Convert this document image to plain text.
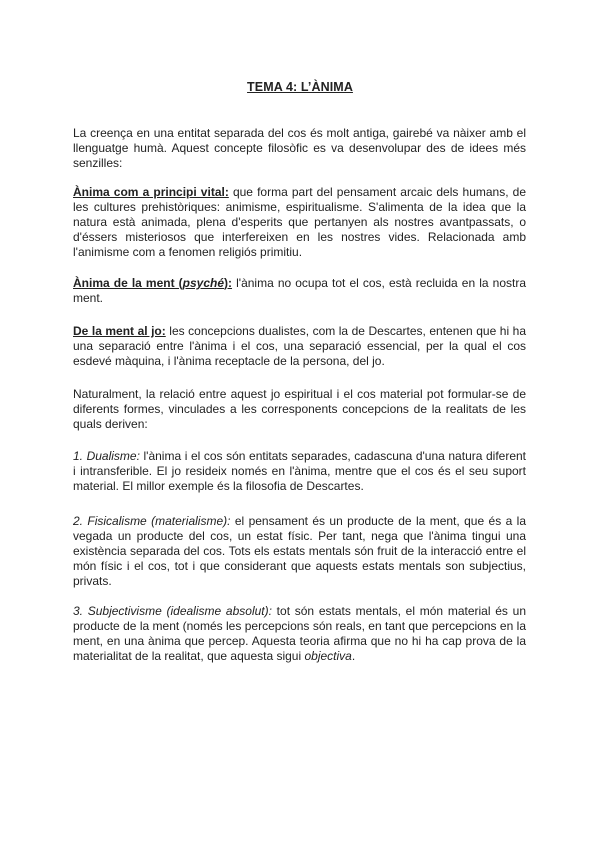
TEMA 4: L’ÀNIMA

La creença en una entitat separada del cos és molt antiga, gairebé va nàixer amb el llenguatge humà. Aquest concepte filosòfic es va desenvolupar des de idees més senzilles:

Ànima com a principi vital: que forma part del pensament arcaic dels humans, de les cultures prehistòriques: animisme, espiritualisme. S'alimenta de la idea que la natura està animada, plena d'esperits que pertanyen als nostres avantpassats, o d'éssers misteriosos que interfereixen en les nostres vides. Relacionada amb l'animisme com a fenomen religiós primitiu.

Ànima de la ment (psyché): l'ànima no ocupa tot el cos, està recluida en la nostra ment.

De la ment al jo: les concepcions dualistes, com la de Descartes, entenen que hi ha una separació entre l'ànima i el cos, una separació essencial, per la qual el cos esdevé màquina, i l'ànima receptacle de la persona, del jo.

Naturalment, la relació entre aquest jo espiritual i el cos material pot formular-se de diferents formes, vinculades a les corresponents concepcions de la realitats de les quals deriven:

1. Dualisme: l'ànima i el cos són entitats separades, cadascuna d'una natura diferent i intransferible. El jo resideix només en l'ànima, mentre que el cos és el seu suport material. El millor exemple és la filosofia de Descartes.

2. Fisicalisme (materialisme): el pensament és un producte de la ment, que és a la vegada un producte del cos, un estat físic. Per tant, nega que l'ànima tingui una existència separada del cos. Tots els estats mentals són fruit de la interacció entre el món físic i el cos, tot i que considerant que aquests estats mentals son subjectius, privats.

3. Subjectivisme (idealisme absolut): tot són estats mentals, el món material és un producte de la ment (només les percepcions són reals, en tant que percepcions en la ment, en una ànima que percep. Aquesta teoria afirma que no hi ha cap prova de la materialitat de la realitat, que aquesta sigui objectiva.
